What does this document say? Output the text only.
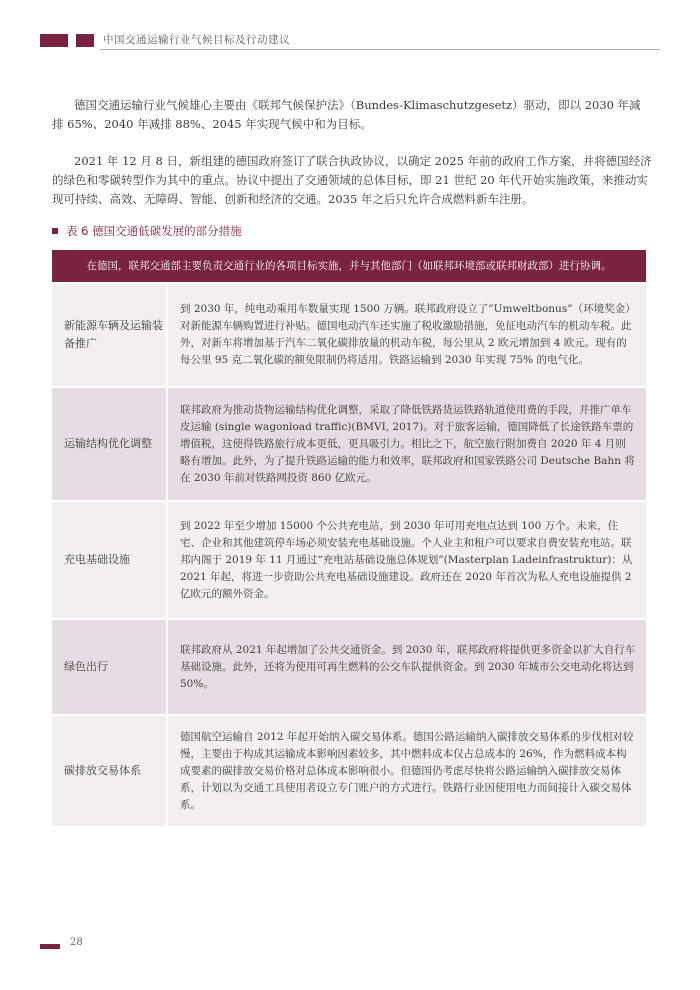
中国交通运输行业气候目标及行动建议
德国交通运输行业气候雄心主要由《联邦气候保护法》（Bundes-Klimaschutzgesetz）驱动，即以 2030 年减排 65%、2040 年减排 88%、2045 年实现气候中和为目标。
2021 年 12 月 8 日，新组建的德国政府签订了联合执政协议，以确定 2025 年前的政府工作方案，并将德国经济的绿色和零碳转型作为其中的重点。协议中提出了交通领域的总体目标，即 21 世纪 20 年代开始实施政策，来推动实现可持续、高效、无障碍、智能、创新和经济的交通。2035 年之后只允许合成燃料新车注册。
表 6 德国交通低碳发展的部分措施
在德国，联邦交通部主要负责交通行业的各项目标实施，并与其他部门（如联邦环境部或联邦财政部）进行协调。
新能源车辆及运输装备推广
到 2030 年，纯电动乘用车数量实现 1500 万辆。联邦政府设立了”Umweltbonus”（环境奖金）对新能源车辆购置进行补贴。德国电动汽车还实施了税收激励措施，免征电动汽车的机动车税。此外，对新车将增加基于汽车二氧化碳排放量的机动车税，每公里从 2 欧元增加到 4 欧元。现有的每公里 95 克二氧化碳的额免限制仍将适用。铁路运输到 2030 年实现 75% 的电气化。
运输结构优化调整
联邦政府为推动货物运输结构优化调整，采取了降低铁路货运铁路轨道使用费的手段，并推广单车皮运输 (single wagonload traffic)(BMVI, 2017)。对于旅客运输，德国降低了长途铁路车票的增值税，这使得铁路旅行成本更低，更具吸引力。相比之下，航空旅行附加费自 2020 年 4 月则略有增加。此外，为了提升铁路运输的能力和效率，联邦政府和国家铁路公司 Deutsche Bahn 将在 2030 年前对铁路网投资 860 亿欧元。
充电基础设施
到 2022 年至少增加 15000 个公共充电站，到 2030 年可用充电点达到 100 万个。未来，住宅、企业和其他建筑停车场必须安装充电基础设施。个人业主和租户可以要求自费安装充电站。联邦内阁于 2019 年 11 月通过“充电站基础设施总体规划”(Masterplan Ladeinfrastruktur)：从 2021 年起，将进一步资助公共充电基础设施建设。政府还在 2020 年首次为私人充电设施提供 2 亿欧元的额外资金。
绿色出行
联邦政府从 2021 年起增加了公共交通资金。到 2030 年，联邦政府将提供更多资金以扩大自行车基础设施。此外，还将为使用可再生燃料的公交车队提供资金。到 2030 年城市公交电动化将达到 50%。
碳排放交易体系
德国航空运输自 2012 年起开始纳入碳交易体系。德国公路运输纳入碳排放交易体系的步伐相对较慢，主要由于构成其运输成本影响因素较多，其中燃料成本仅占总成本的 26%，作为燃料成本构成要素的碳排放交易价格对总体成本影响很小。但德国仍考虑尽快将公路运输纳入碳排放交易体系，计划以为交通工具使用者设立专门账户的方式进行。铁路行业因使用电力而间接计入碳交易体系。
28
